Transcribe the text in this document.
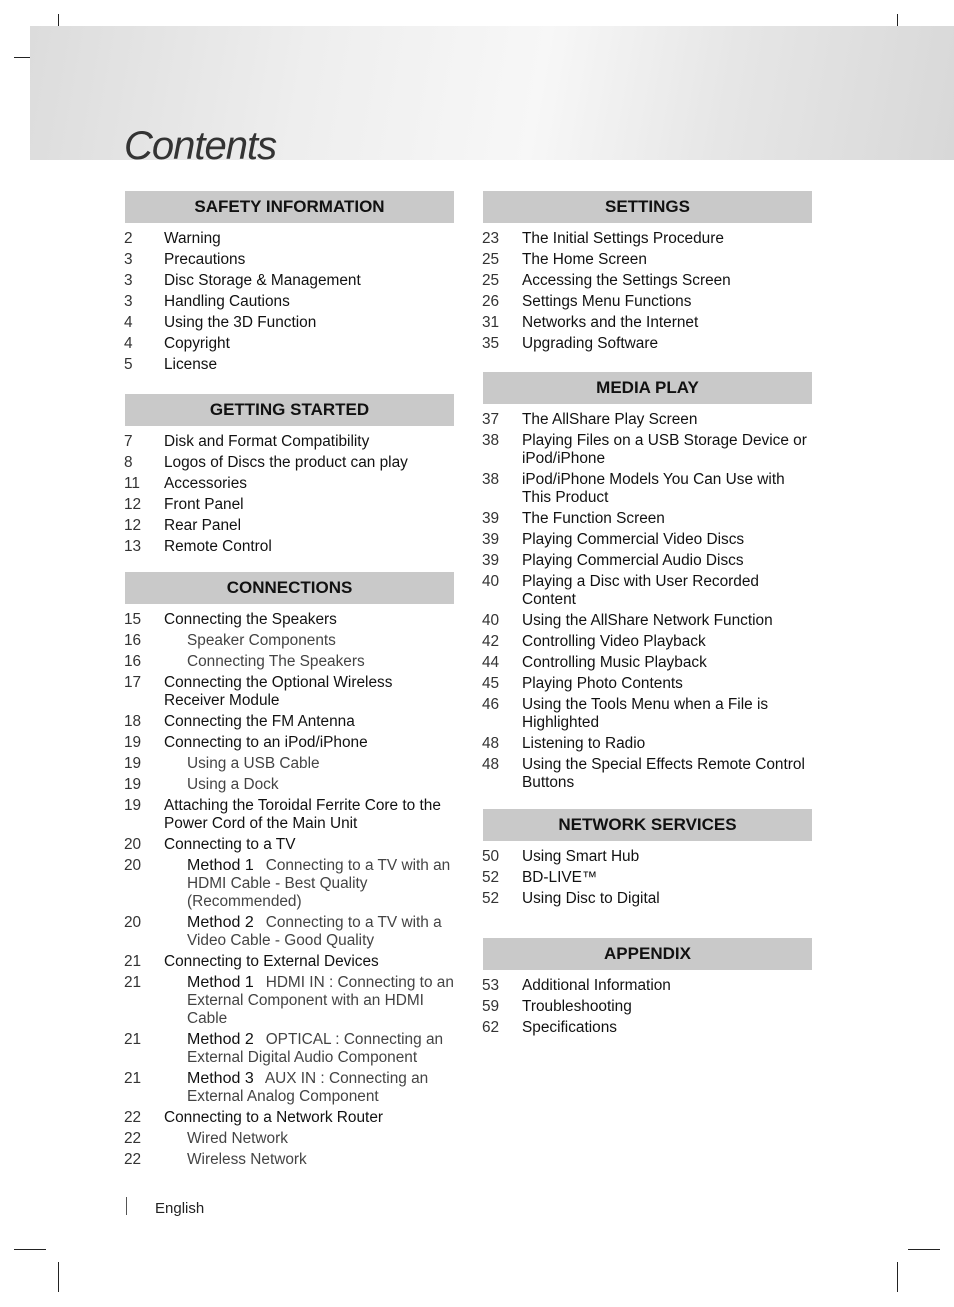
Contents
SAFETY INFORMATION
2 Warning
3 Precautions
3 Disc Storage & Management
3 Handling Cautions
4 Using the 3D Function
4 Copyright
5 License
GETTING STARTED
7 Disk and Format Compatibility
8 Logos of Discs the product can play
11 Accessories
12 Front Panel
12 Rear Panel
13 Remote Control
CONNECTIONS
15 Connecting the Speakers
16	Speaker Components
16	Connecting The Speakers
17 Connecting the Optional Wireless Receiver Module
18 Connecting the FM Antenna
19 Connecting to an iPod/iPhone
19	Using a USB Cable
19	Using a Dock
19 Attaching the Toroidal Ferrite Core to the Power Cord of the Main Unit
20 Connecting to a TV
20	Method 1  Connecting to a TV with an HDMI Cable - Best Quality (Recommended)
20	Method 2  Connecting to a TV with a Video Cable - Good Quality
21 Connecting to External Devices
21	Method 1  HDMI IN : Connecting to an External Component with an HDMI Cable
21	Method 2  OPTICAL : Connecting an External Digital Audio Component
21	Method 3  AUX IN : Connecting an External Analog Component
22 Connecting to a Network Router
22	Wired Network
22	Wireless Network
SETTINGS
23 The Initial Settings Procedure
25 The Home Screen
25 Accessing the Settings Screen
26 Settings Menu Functions
31 Networks and the Internet
35 Upgrading Software
MEDIA PLAY
37 The AllShare Play Screen
38 Playing Files on a USB Storage Device or iPod/iPhone
38 iPod/iPhone Models You Can Use with This Product
39 The Function Screen
39 Playing Commercial Video Discs
39 Playing Commercial Audio Discs
40 Playing a Disc with User Recorded Content
40 Using the AllShare Network Function
42 Controlling Video Playback
44 Controlling Music Playback
45 Playing Photo Contents
46 Using the Tools Menu when a File is Highlighted
48 Listening to Radio
48 Using the Special Effects Remote Control Buttons
NETWORK SERVICES
50 Using Smart Hub
52 BD-LIVE™
52 Using Disc to Digital
APPENDIX
53 Additional Information
59 Troubleshooting
62 Specifications
English
